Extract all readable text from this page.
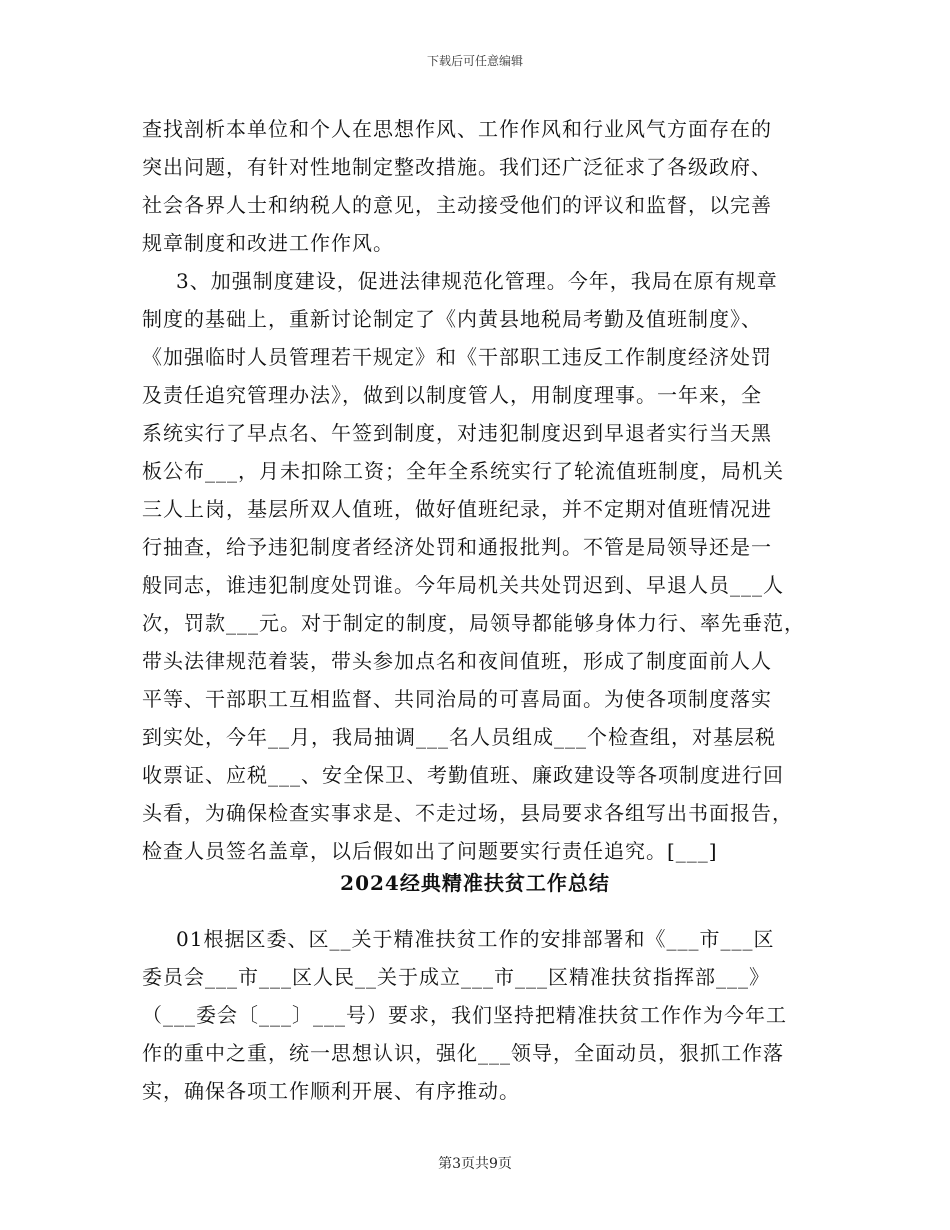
下载后可任意编辑
查找剖析本单位和个人在思想作风、工作作风和行业风气方面存在的
突出问题，有针对性地制定整改措施。我们还广泛征求了各级政府、
社会各界人士和纳税人的意见，主动接受他们的评议和监督，以完善
规章制度和改进工作作风。
3、加强制度建设，促进法律规范化管理。今年，我局在原有规章
制度的基础上，重新讨论制定了《内黄县地税局考勤及值班制度》、
《加强临时人员管理若干规定》和《干部职工违反工作制度经济处罚
及责任追究管理办法》，做到以制度管人，用制度理事。一年来，全
系统实行了早点名、午签到制度，对违犯制度迟到早退者实行当天黑
板公布___，月未扣除工资；全年全系统实行了轮流值班制度，局机关
三人上岗，基层所双人值班，做好值班纪录，并不定期对值班情况进
行抽查，给予违犯制度者经济处罚和通报批判。不管是局领导还是一
般同志，谁违犯制度处罚谁。今年局机关共处罚迟到、早退人员___人
次，罚款___元。对于制定的制度，局领导都能够身体力行、率先垂范，
带头法律规范着装，带头参加点名和夜间值班，形成了制度面前人人
平等、干部职工互相监督、共同治局的可喜局面。为使各项制度落实
到实处，今年__月，我局抽调___名人员组成___个检查组，对基层税
收票证、应税___、安全保卫、考勤值班、廉政建设等各项制度进行回
头看，为确保检查实事求是、不走过场，县局要求各组写出书面报告，
检查人员签名盖章，以后假如出了问题要实行责任追究。[___]
2024经典精准扶贫工作总结
01根据区委、区__关于精准扶贫工作的安排部署和《___市___区
委员会___市___区人民__关于成立___市___区精准扶贫指挥部___》
（___委会〔___〕___号）要求，我们坚持把精准扶贫工作作为今年工
作的重中之重，统一思想认识，强化___领导，全面动员，狠抓工作落
实，确保各项工作顺利开展、有序推动。
第3页共9页
